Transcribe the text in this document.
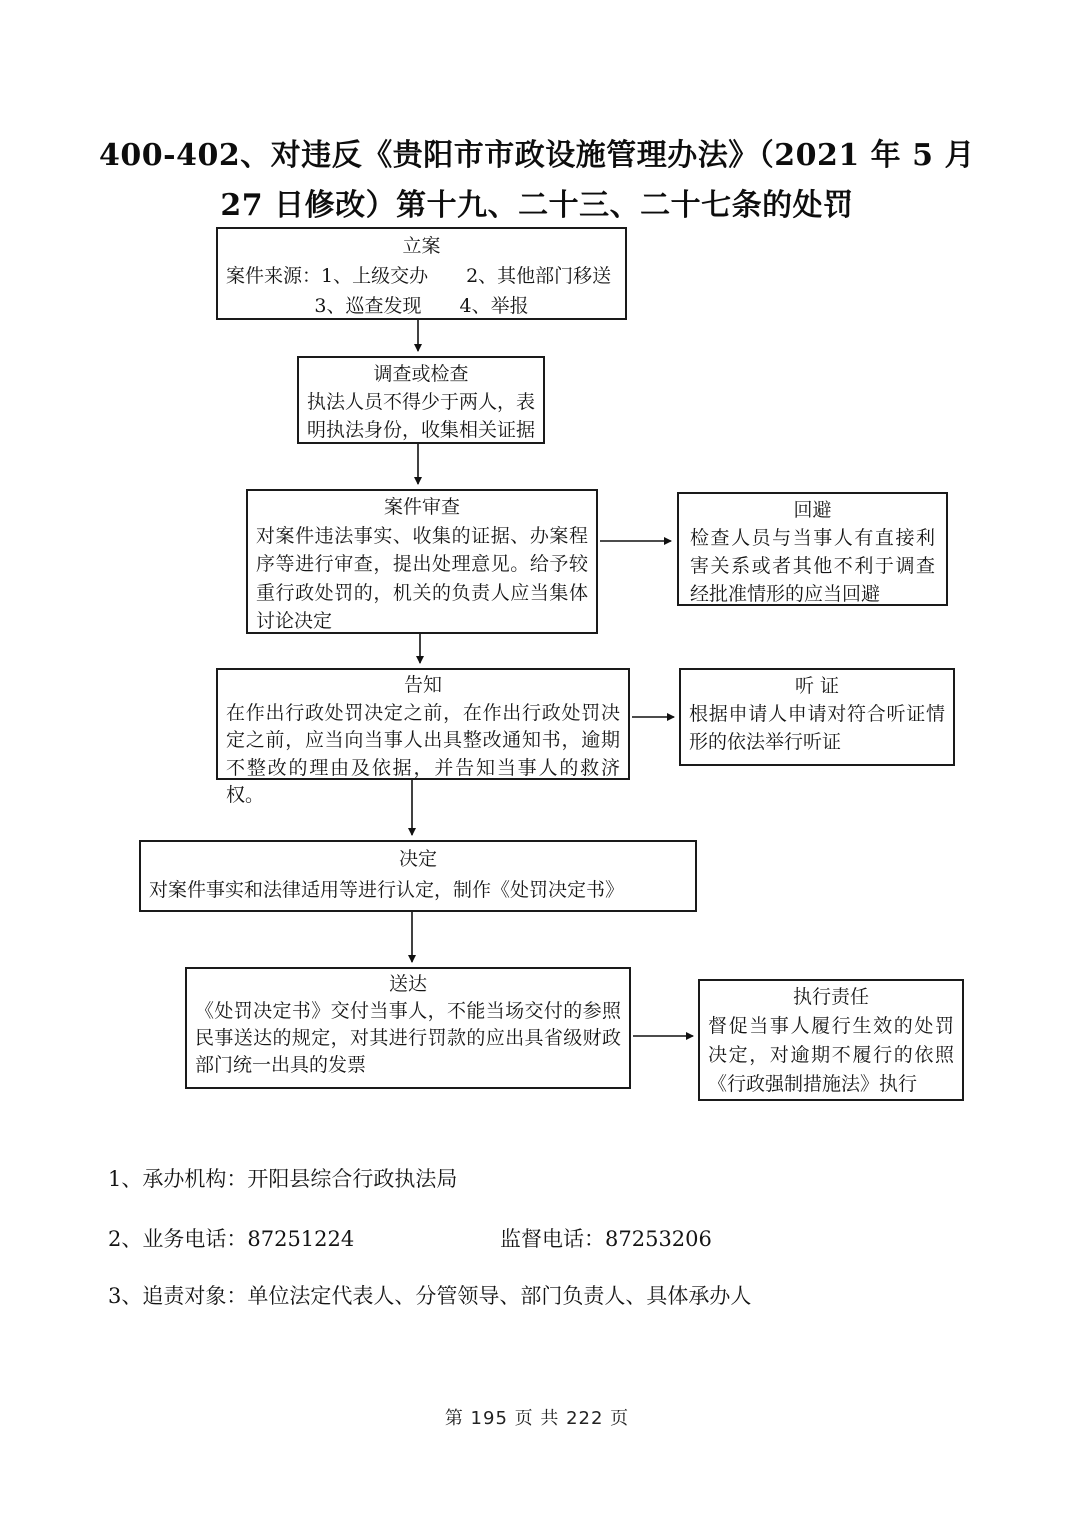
400-402、对违反《贵阳市市政设施管理办法》（2021 年 5 月
27 日修改）第十九、二十三、二十七条的处罚
立案
案件来源：1、上级交办　　2、其他部门移送
3、巡查发现　　4、举报
调查或检查
执法人员不得少于两人，表明执法身份，收集相关证据
案件审查
对案件违法事实、收集的证据、办案程序等进行审查，提出处理意见。给予较重行政处罚的，机关的负责人应当集体讨论决定
回避
检查人员与当事人有直接利害关系或者其他不利于调查经批准情形的应当回避
告知
在作出行政处罚决定之前，在作出行政处罚决定之前，应当向当事人出具整改通知书，逾期不整改的理由及依据，并告知当事人的救济权。
听 证
根据申请人申请对符合听证情形的依法举行听证
决定
对案件事实和法律适用等进行认定，制作《处罚决定书》
送达
《处罚决定书》交付当事人，不能当场交付的参照民事送达的规定，对其进行罚款的应出具省级财政部门统一出具的发票
执行责任
督促当事人履行生效的处罚决定，对逾期不履行的依照《行政强制措施法》执行
1、承办机构：开阳县综合行政执法局
2、业务电话：87251224	监督电话：87253206
3、追责对象：单位法定代表人、分管领导、部门负责人、具体承办人
第 195 页 共 222 页
